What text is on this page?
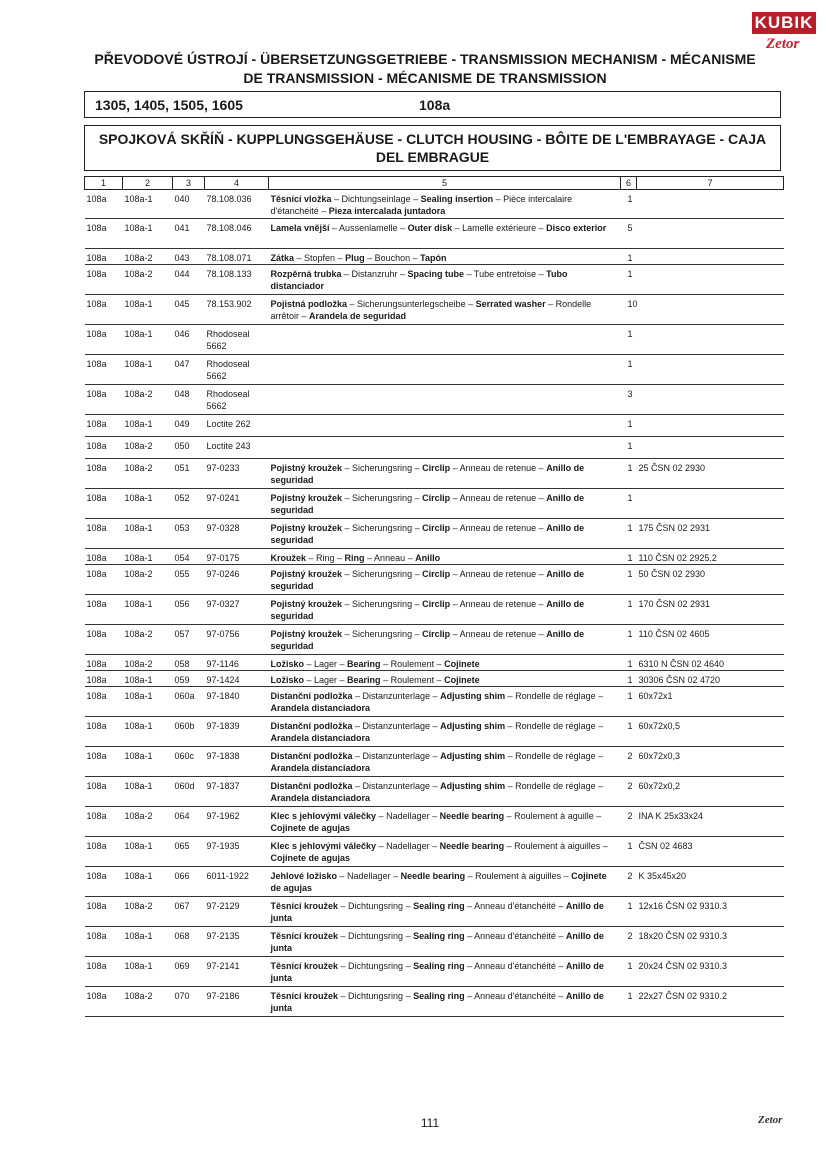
KUBIK
Zetor
PŘEVODOVÉ ÚSTROJÍ - ÜBERSETZUNGSGETRIEBE - TRANSMISSION MECHANISM - MÉCANISME DE TRANSMISSION - MÉCANISME DE TRANSMISSION
1305, 1405, 1505, 1605	108a
SPOJKOVÁ SKŘÍŇ - KUPPLUNGSGEHÄUSE - CLUTCH HOUSING - BÔITE DE L'EMBRAYAGE - CAJA DEL EMBRAGUE
1	2	3	4	5	6	7
108a	108a-1	040	78.108.036	Těsnící vložka – Dichtungseinlage – Sealing insertion – Pièce intercalaire d'étanchéité – Pieza intercalada juntadora	1	
108a	108a-1	041	78.108.046	Lamela vnější – Aussenlamelle – Outer disk – Lamelle extérieure – Disco exterior	5	
108a	108a-2	043	78.108.071	Zátka – Stopfen – Plug – Bouchon – Tapón	1	
108a	108a-2	044	78.108.133	Rozpěrná trubka – Distanzruhr – Spacing tube – Tube entretoise – Tubo distanciador	1	
108a	108a-1	045	78.153.902	Pojistná podložka – Sicherungsunterlegscheibe – Serrated washer – Rondelle arrêtoir – Arandela de seguridad	10	
108a	108a-1	046	Rhodoseal 5662		1	
108a	108a-1	047	Rhodoseal 5662		1	
108a	108a-2	048	Rhodoseal 5662		3	
108a	108a-1	049	Loctite 262		1	
108a	108a-2	050	Loctite 243		1	
108a	108a-2	051	97-0233	Pojistný kroužek – Sicherungsring – Circlip – Anneau de retenue – Anillo de seguridad	1	25 ČSN 02 2930
108a	108a-1	052	97-0241	Pojistný kroužek – Sicherungsring – Circlip – Anneau de retenue – Anillo de seguridad	1	
108a	108a-1	053	97-0328	Pojistný kroužek – Sicherungsring – Circlip – Anneau de retenue – Anillo de seguridad	1	175 ČSN 02 2931
108a	108a-1	054	97-0175	Kroužek – Ring – Ring – Anneau – Anillo	1	110 ČSN 02 2925.2
108a	108a-2	055	97-0246	Pojistný kroužek – Sicherungsring – Circlip – Anneau de retenue – Anillo de seguridad	1	50 ČSN 02 2930
108a	108a-1	056	97-0327	Pojistný kroužek – Sicherungsring – Circlip – Anneau de retenue – Anillo de seguridad	1	170 ČSN 02 2931
108a	108a-2	057	97-0756	Pojistný kroužek – Sicherungsring – Circlip – Anneau de retenue – Anillo de seguridad	1	110 ČSN 02 4605
108a	108a-2	058	97-1146	Ložisko – Lager – Bearing – Roulement – Cojinete	1	6310 N ČSN 02 4640
108a	108a-1	059	97-1424	Ložisko – Lager – Bearing – Roulement – Cojinete	1	30306 ČSN 02 4720
108a	108a-1	060a	97-1840	Distanční podložka – Distanzunterlage – Adjusting shim – Rondelle de réglage – Arandela distanciadora	1	60x72x1
108a	108a-1	060b	97-1839	Distanční podložka – Distanzunterlage – Adjusting shim – Rondelle de réglage – Arandela distanciadora	1	60x72x0,5
108a	108a-1	060c	97-1838	Distanční podložka – Distanzunterlage – Adjusting shim – Rondelle de réglage – Arandela distanciadora	2	60x72x0,3
108a	108a-1	060d	97-1837	Distanční podložka – Distanzunterlage – Adjusting shim – Rondelle de réglage – Arandela distanciadora	2	60x72x0,2
108a	108a-2	064	97-1962	Klec s jehlovými válečky – Nadellager – Needle bearing – Roulement à aguille – Cojinete de agujas	2	INA K 25x33x24
108a	108a-1	065	97-1935	Klec s jehlovými válečky – Nadellager – Needle bearing – Roulement à aiguilles – Cojinete de agujas	1	ČSN 02 4683
108a	108a-1	066	6011-1922	Jehlové ložisko – Nadellager – Needle bearing – Roulement à aiguilles – Cojinete de agujas	2	K 35x45x20
108a	108a-2	067	97-2129	Těsnící kroužek – Dichtungsring – Sealing ring – Anneau d'étanchéité – Anillo de junta	1	12x16 ČSN 02 9310.3
108a	108a-1	068	97-2135	Těsnící kroužek – Dichtungsring – Sealing ring – Anneau d'étanchéité – Anillo de junta	2	18x20 ČSN 02 9310.3
108a	108a-1	069	97-2141	Těsnící kroužek – Dichtungsring – Sealing ring – Anneau d'étanchéité – Anillo de junta	1	20x24 ČSN 02 9310.3
108a	108a-2	070	97-2186	Těsnící kroužek – Dichtungsring – Sealing ring – Anneau d'étanchéité – Anillo de junta	1	22x27 ČSN 02 9310.2
111	Zetor
